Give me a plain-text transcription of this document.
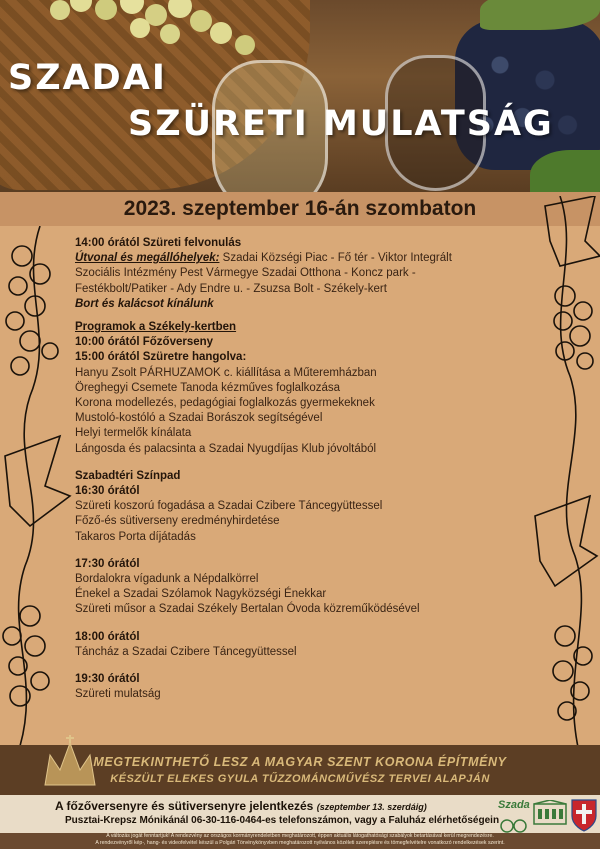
SZADAI
SZÜRETI MULATSÁG
2023. szeptember 16-án szombaton
14:00 órától Szüreti felvonulás
Útvonal és megállóhelyek: Szadai Községi Piac - Fő tér - Viktor Integrált
Szociális Intézmény Pest Vármegye Szadai Otthona - Koncz park -
Festékbolt/Patiker - Ady Endre u. - Zsuzsa Bolt - Székely-kert
Bort és kalácsot kínálunk
Programok a Székely-kertben
10:00 órától Főzőverseny
15:00 órától Szüretre hangolva:
Hanyu Zsolt PÁRHUZAMOK c. kiállítása a Műteremházban
Öreghegyi Csemete Tanoda kézműves foglalkozása
Korona modellezés, pedagógiai foglalkozás gyermekeknek
Mustoló-kostóló a Szadai Borászok segítségével
Helyi termelők kínálata
Lángosda és palacsinta a Szadai Nyugdíjas Klub jóvoltából
Szabadtéri Színpad
16:30 órától
Szüreti koszorú fogadása a Szadai Czibere Táncegyüttessel
Főző-és sütiverseny eredményhirdetése
Takaros Porta díjátadás
17:30 órától
Bordalokra vígadunk a Népdalkörrel
Énekel a Szadai Szólamok Nagyközségi Énekkar
Szüreti műsor a Szadai Székely Bertalan Óvoda közreműködésével
18:00 órától
Táncház a Szadai Czibere Táncegyüttessel
19:30 órától
Szüreti mulatság
MEGTEKINTHETŐ LESZ A MAGYAR SZENT KORONA ÉPÍTMÉNY
KÉSZÜLT ELEKES GYULA TŰZZOMÁNCMŰVÉSZ TERVEI ALAPJÁN
A főzőversenyre és sütiversenyre jelentkezés (szeptember 13. szerdáig)
Pusztai-Krepsz Mónikánál 06-30-116-0464-es telefonszámon, vagy a Faluház elérhetőségein
Szada
A változás jogát fenntartjuk! A rendezvény az országos kormányrendeletben meghatározott, éppen aktuális látogathatósági szabályok betartásával kerül megrendezésre.
A rendezvényről kép-, hang- és videofelvétel készül a Polgári Törvénykönyvben meghatározott nyilvános közéleti szereplésre és tömegfelvételre vonatkozó rendelkezések szerint.
